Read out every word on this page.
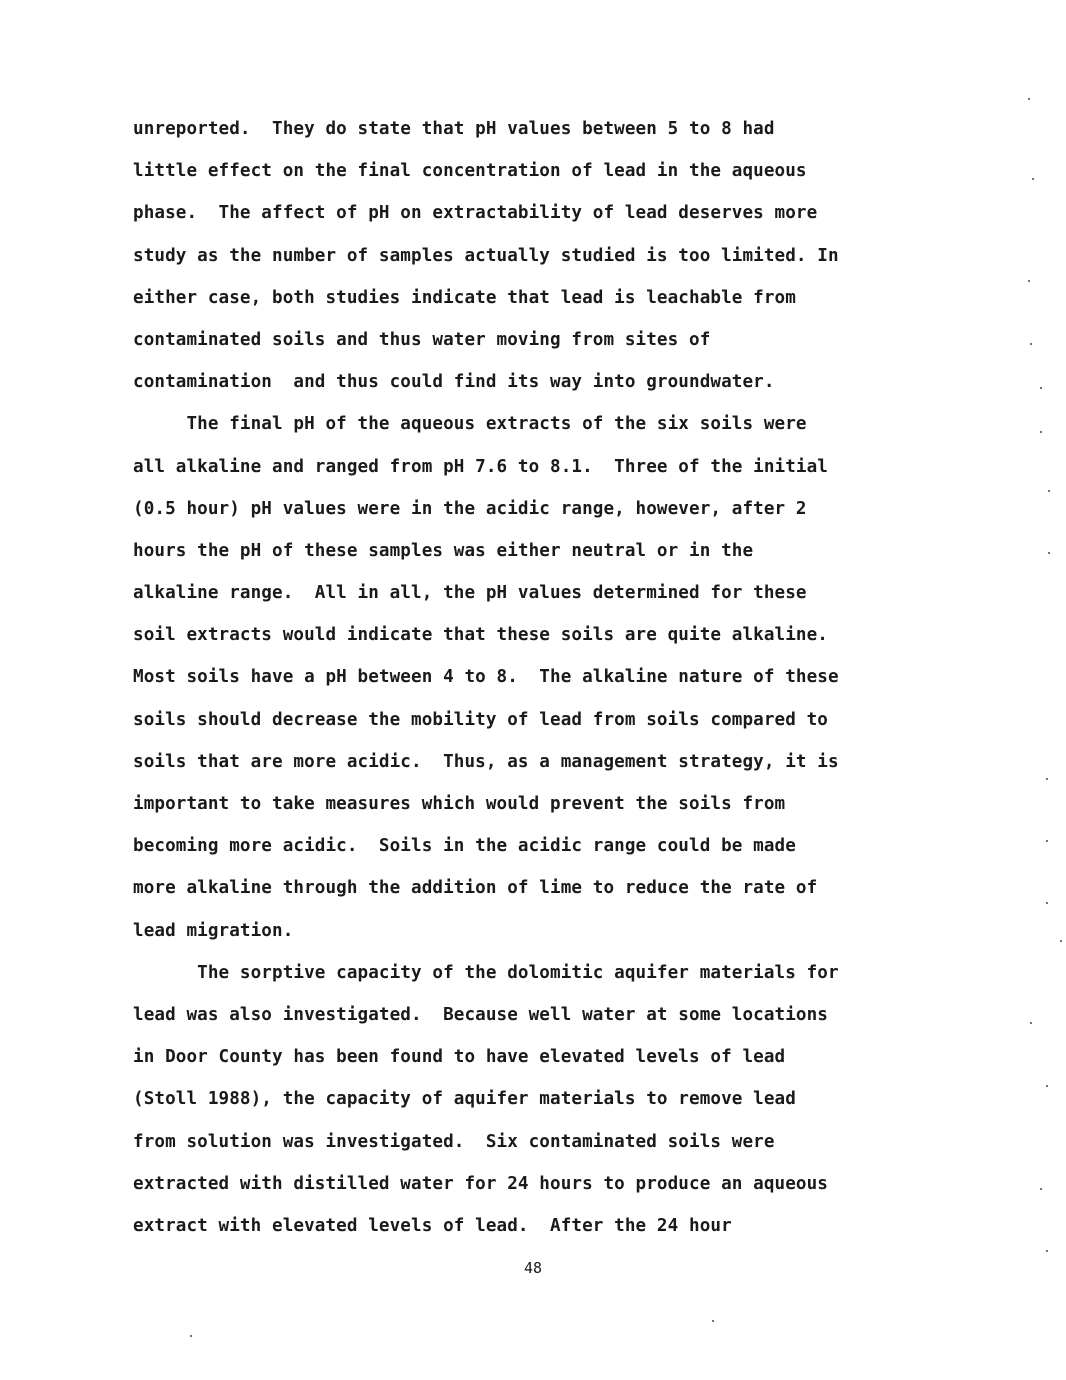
unreported.  They do state that pH values between 5 to 8 had
little effect on the final concentration of lead in the aqueous
phase.  The affect of pH on extractability of lead deserves more
study as the number of samples actually studied is too limited. In
either case, both studies indicate that lead is leachable from
contaminated soils and thus water moving from sites of
contamination  and thus could find its way into groundwater.
The final pH of the aqueous extracts of the six soils were
all alkaline and ranged from pH 7.6 to 8.1.  Three of the initial
(0.5 hour) pH values were in the acidic range, however, after 2
hours the pH of these samples was either neutral or in the
alkaline range.  All in all, the pH values determined for these
soil extracts would indicate that these soils are quite alkaline.
Most soils have a pH between 4 to 8.  The alkaline nature of these
soils should decrease the mobility of lead from soils compared to
soils that are more acidic.  Thus, as a management strategy, it is
important to take measures which would prevent the soils from
becoming more acidic.  Soils in the acidic range could be made
more alkaline through the addition of lime to reduce the rate of
lead migration.
The sorptive capacity of the dolomitic aquifer materials for
lead was also investigated.  Because well water at some locations
in Door County has been found to have elevated levels of lead
(Stoll 1988), the capacity of aquifer materials to remove lead
from solution was investigated.  Six contaminated soils were
extracted with distilled water for 24 hours to produce an aqueous
extract with elevated levels of lead.  After the 24 hour
48
